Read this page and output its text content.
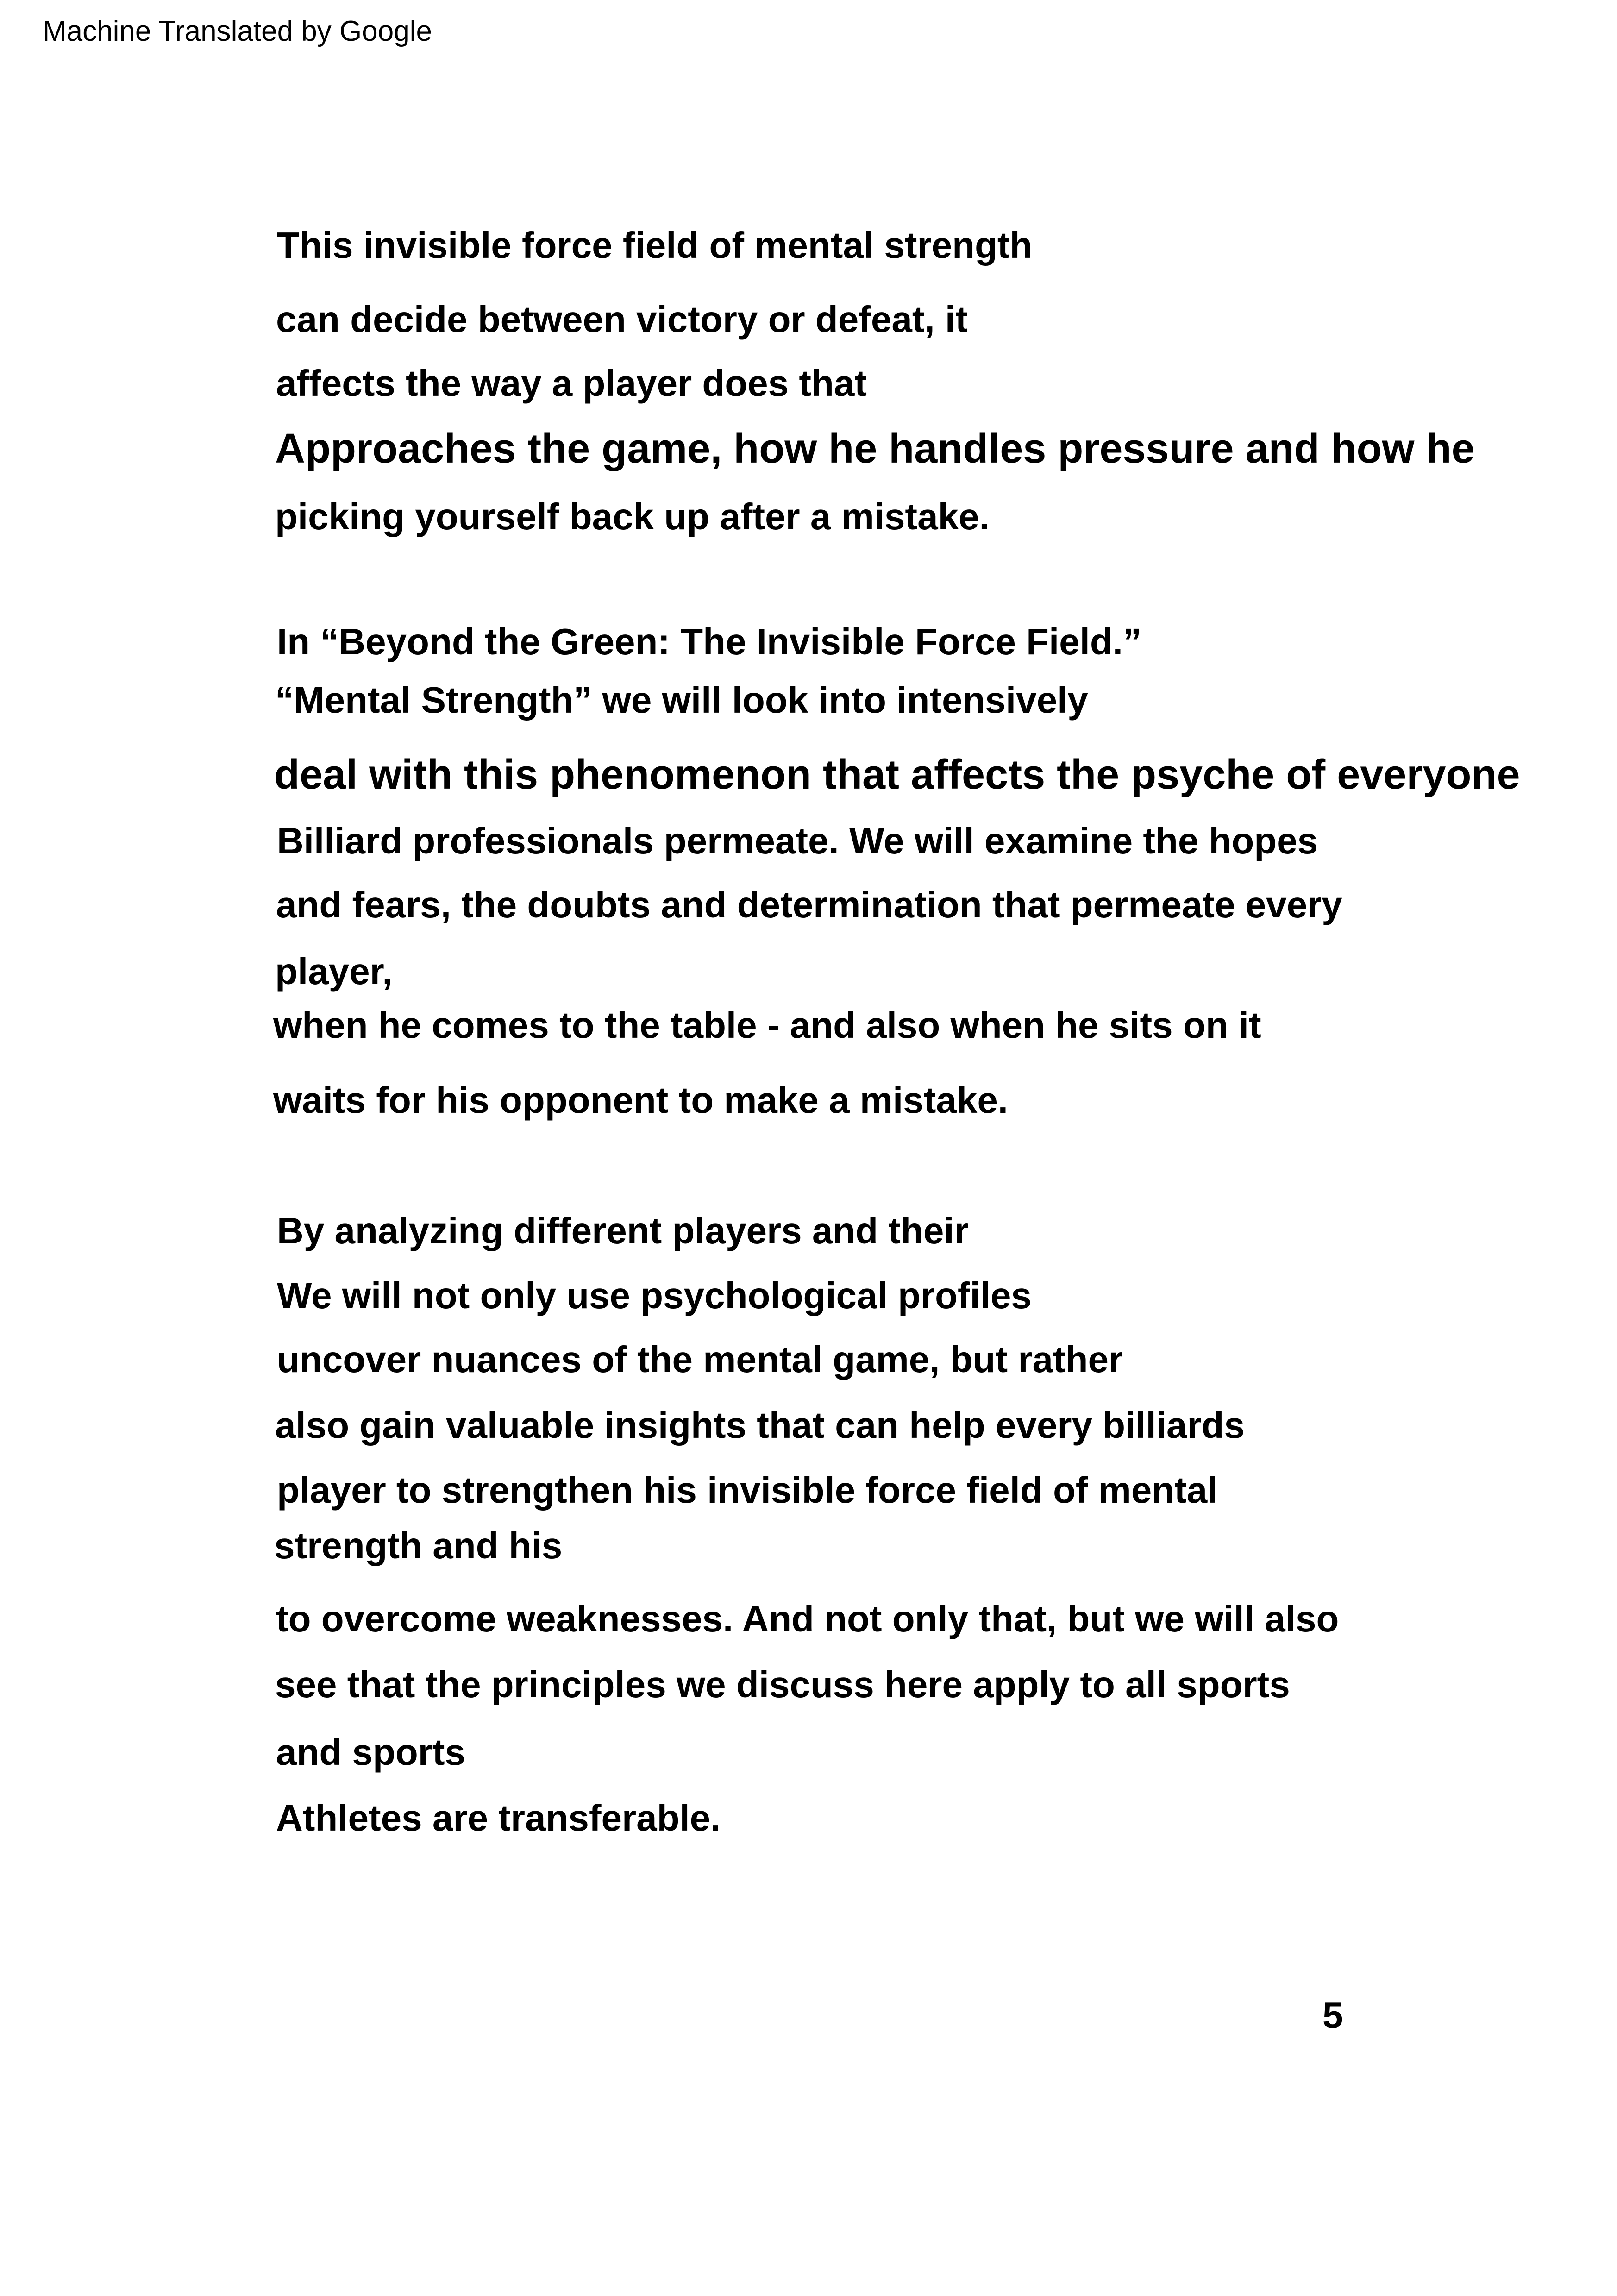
Machine Translated by Google
This invisible force field of mental strength
can decide between victory or defeat, it
affects the way a player does that
Approaches the game, how he handles pressure and how he
picking yourself back up after a mistake.
In “Beyond the Green: The Invisible Force Field.”
“Mental Strength” we will look into intensively
deal with this phenomenon that affects the psyche of everyone
Billiard professionals permeate. We will examine the hopes
and fears, the doubts and determination that permeate every
player,
when he comes to the table - and also when he sits on it
waits for his opponent to make a mistake.
By analyzing different players and their
We will not only use psychological profiles
uncover nuances of the mental game, but rather
also gain valuable insights that can help every billiards
player to strengthen his invisible force field of mental
strength and his
to overcome weaknesses. And not only that, but we will also
see that the principles we discuss here apply to all sports
and sports
Athletes are transferable.
5
